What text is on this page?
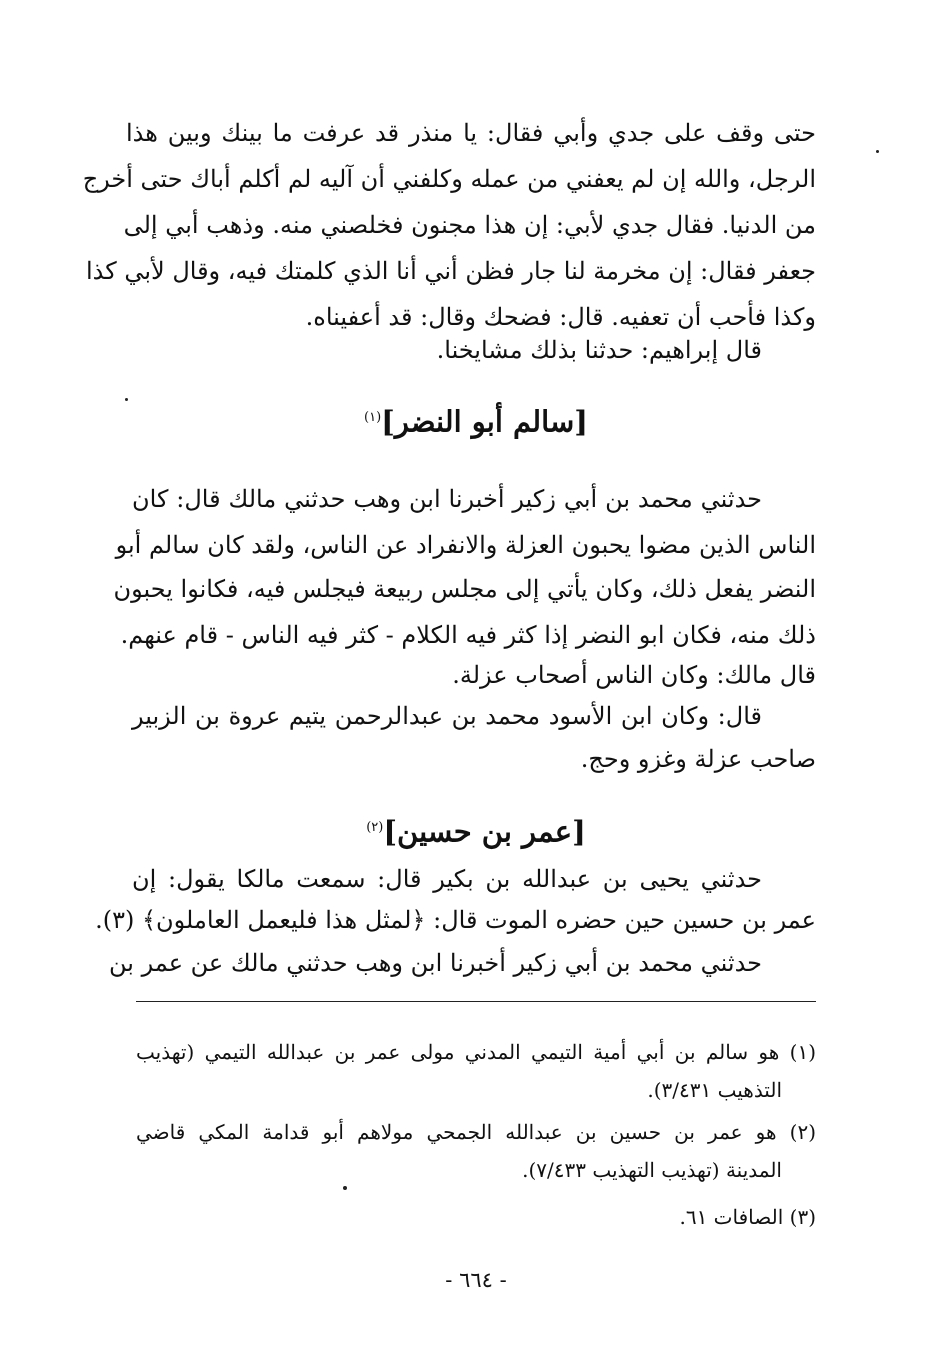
حتى وقف على جدي وأبي فقال: يا منذر قد عرفت ما بينك وبين هذا
الرجل، والله إن لم يعفني من عمله وكلفني أن آليه لم أكلم أباك حتى أخرج
من الدنيا. فقال جدي لأبي: إن هذا مجنون فخلصني منه. وذهب أبي إلى
جعفر فقال: إن مخرمة لنا جار فظن أني أنا الذي كلمتك فيه، وقال لأبي كذا
وكذا فأحب أن تعفيه. قال: فضحك وقال: قد أعفيناه.
قال إبراهيم: حدثنا بذلك مشايخنا.
[سالم أبو النضر]$^{(١)}$
حدثني محمد بن أبي زكير أخبرنا ابن وهب حدثني مالك قال: كان
الناس الذين مضوا يحبون العزلة والانفراد عن الناس، ولقد كان سالم أبو
النضر يفعل ذلك، وكان يأتي إلى مجلس ربيعة فيجلس فيه، فكانوا يحبون
ذلك منه، فكان ابو النضر إذا كثر فيه الكلام - كثر فيه الناس - قام عنهم.
قال مالك: وكان الناس أصحاب عزلة.
قال: وكان ابن الأسود محمد بن عبدالرحمن يتيم عروة بن الزبير
صاحب عزلة وغزو وحج.
[عمر بن حسين]$^{(٢)}$
حدثني يحيى بن عبدالله بن بكير قال: سمعت مالكا يقول: إن
عمر بن حسين حين حضره الموت قال: ﴿لمثل هذا فليعمل العاملون﴾ (٣).
حدثني محمد بن أبي زكير أخبرنا ابن وهب حدثني مالك عن عمر بن
(١) هو سالم بن أبي أمية التيمي المدني مولى عمر بن عبدالله التيمي (تهذيب
التذهيب ٣/٤٣١).
(٢) هو عمر بن حسين بن عبدالله الجمحي مولاهم أبو قدامة المكي قاضي
المدينة (تهذيب التهذيب ٧/٤٣٣).
(٣) الصافات ٦١.
- ٦٦٤ -
